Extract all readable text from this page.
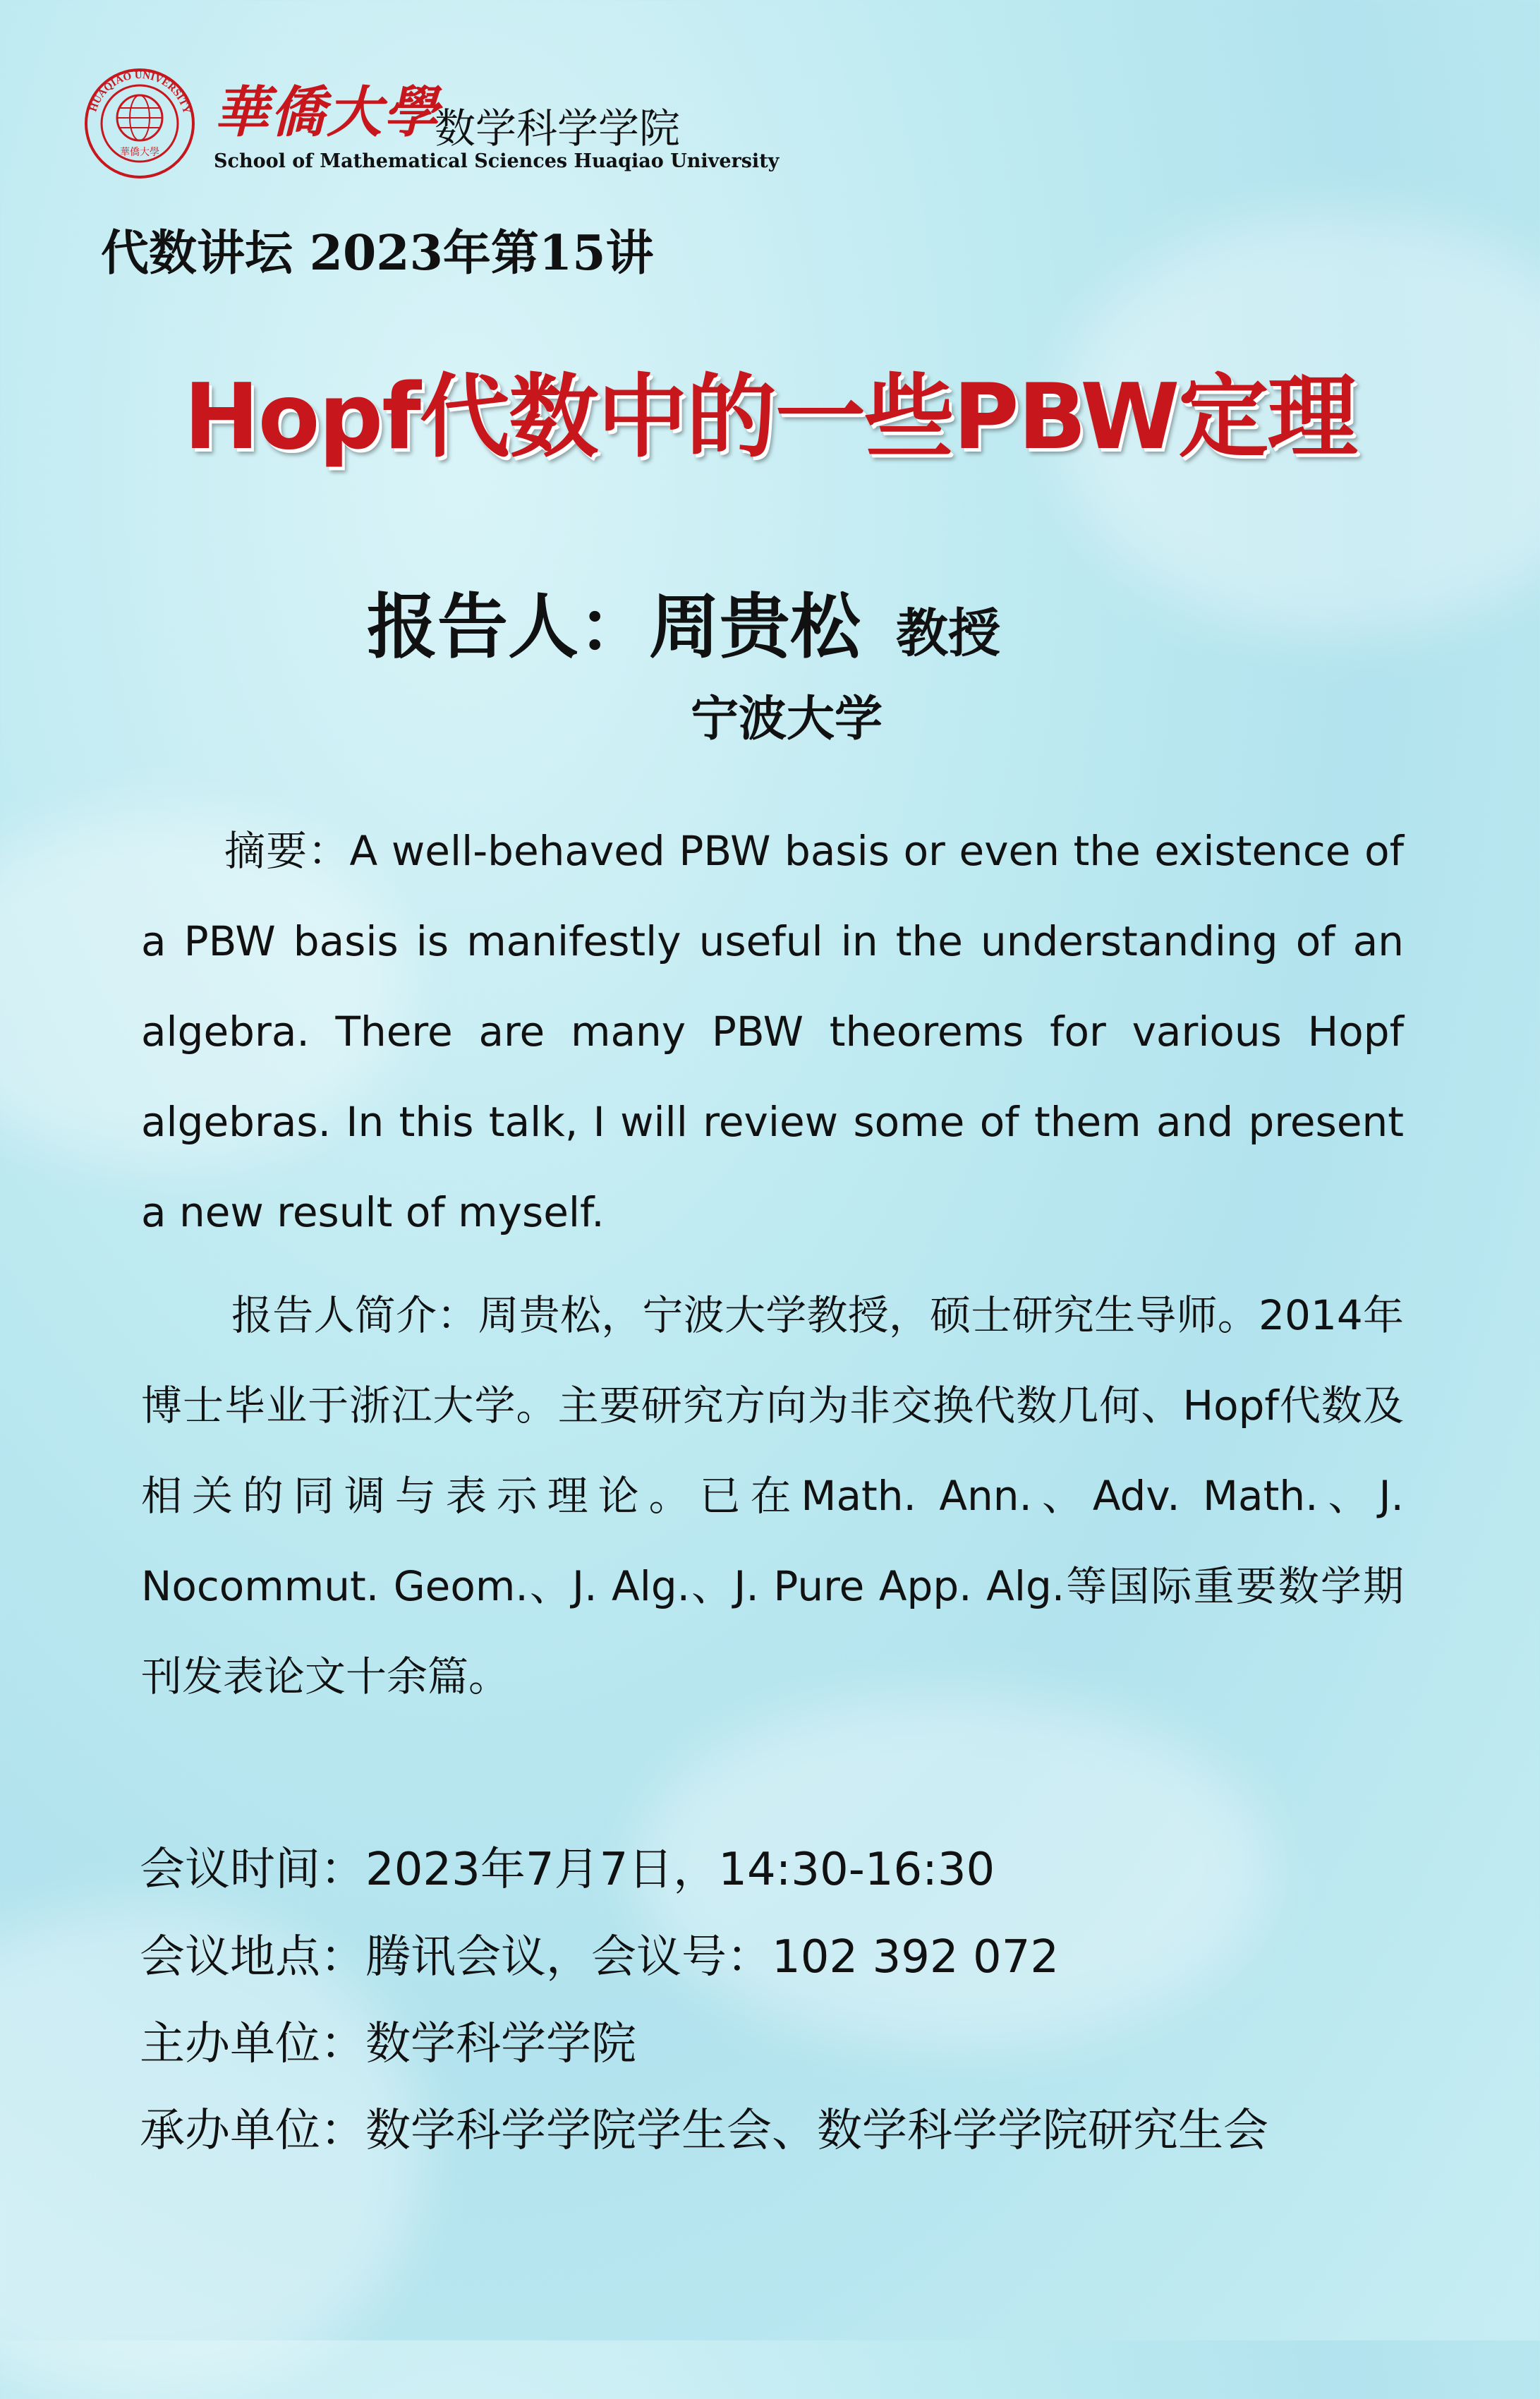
HUAQIAO UNIVERSITY
華僑大學
華僑大學
数学科学学院
School of Mathematical Sciences Huaqiao University
代数讲坛 2023年第15讲
Hopf代数中的一些PBW定理
报告人：周贵松 教授
宁波大学
摘要：A well-behaved PBW basis or even the existence of a PBW basis is manifestly useful in the understanding of an algebra. There are many PBW theorems for various Hopf algebras. In this talk, I will review some of them and present a new result of myself.
报告人简介：周贵松，宁波大学教授，硕士研究生导师。2014年博士毕业于浙江大学。主要研究方向为非交换代数几何、Hopf代数及相关的同调与表示理论。已在Math. Ann.、Adv. Math.、J. Nocommut. Geom.、J. Alg.、J. Pure App. Alg.等国际重要数学期刊发表论文十余篇。
会议时间：2023年7月7日，14:30-16:30
会议地点：腾讯会议，会议号：102 392 072
主办单位：数学科学学院
承办单位：数学科学学院学生会、数学科学学院研究生会
